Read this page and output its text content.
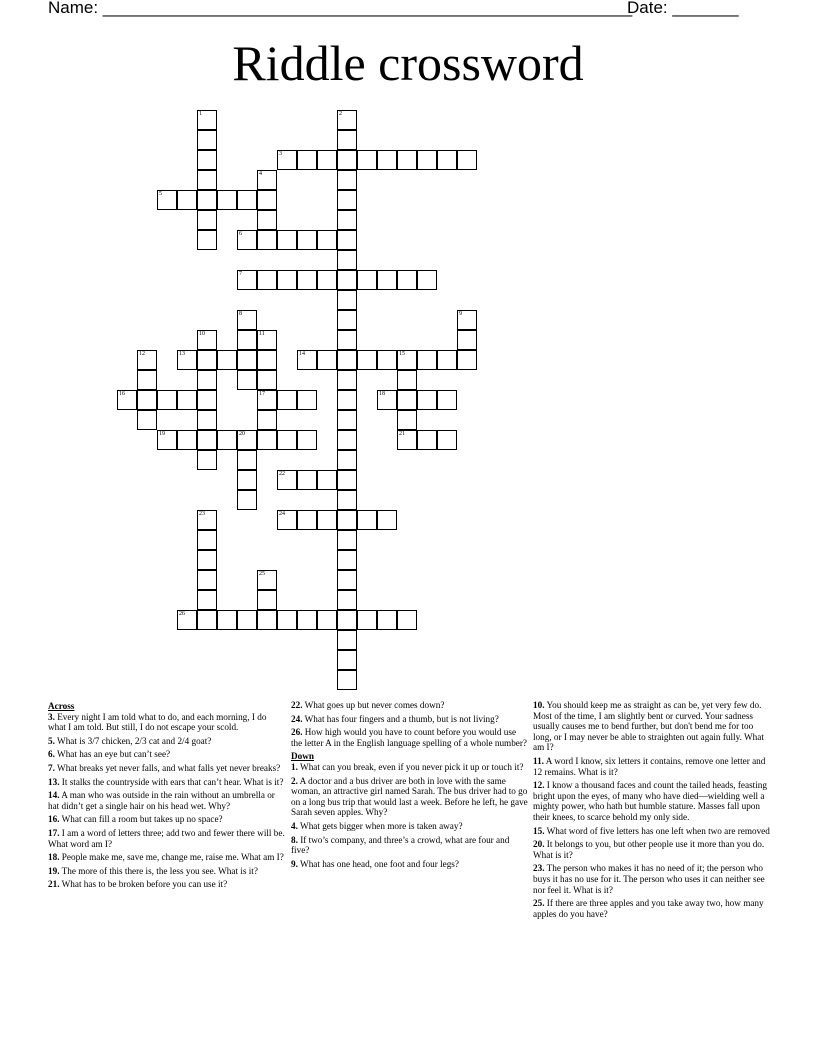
Name: ________________________________________________________
Date: _______
Riddle crossword
1	2
3
4
5
6
7
8	9
10	11
12	13	14	15
16	17	18
19	20	21
22
23	24
25
26
Across
3. Every night I am told what to do, and each morning, I do what I am told. But still, I do not escape your scold.
5. What is 3/7 chicken, 2/3 cat and 2/4 goat?
6. What has an eye but can’t see?
7. What breaks yet never falls, and what falls yet never breaks?
13. It stalks the countryside with ears that can’t hear. What is it?
14. A man who was outside in the rain without an umbrella or hat didn’t get a single hair on his head wet. Why?
16. What can fill a room but takes up no space?
17. I am a word of letters three; add two and fewer there will be. What word am I?
18. People make me, save me, change me, raise me. What am I?
19. The more of this there is, the less you see. What is it?
21. What has to be broken before you can use it?
22. What goes up but never comes down?
24. What has four fingers and a thumb, but is not living?
26. How high would you have to count before you would use the letter A in the English language spelling of a whole number?
Down
1. What can you break, even if you never pick it up or touch it?
2. A doctor and a bus driver are both in love with the same woman, an attractive girl named Sarah. The bus driver had to go on a long bus trip that would last a week. Before he left, he gave Sarah seven apples. Why?
4. What gets bigger when more is taken away?
8. If two’s company, and three’s a crowd, what are four and five?
9. What has one head, one foot and four legs?
10. You should keep me as straight as can be, yet very few do. Most of the time, I am slightly bent or curved. Your sadness usually causes me to bend further, but don't bend me for too long, or I may never be able to straighten out again fully. What am I?
11. A word I know, six letters it contains, remove one letter and 12 remains. What is it?
12. I know a thousand faces and count the tailed heads, feasting bright upon the eyes, of many who have died—wielding well a mighty power, who hath but humble stature. Masses fall upon their knees, to scarce behold my only side.
15. What word of five letters has one left when two are removed
20. It belongs to you, but other people use it more than you do. What is it?
23. The person who makes it has no need of it; the person who buys it has no use for it. The person who uses it can neither see nor feel it. What is it?
25. If there are three apples and you take away two, how many apples do you have?
